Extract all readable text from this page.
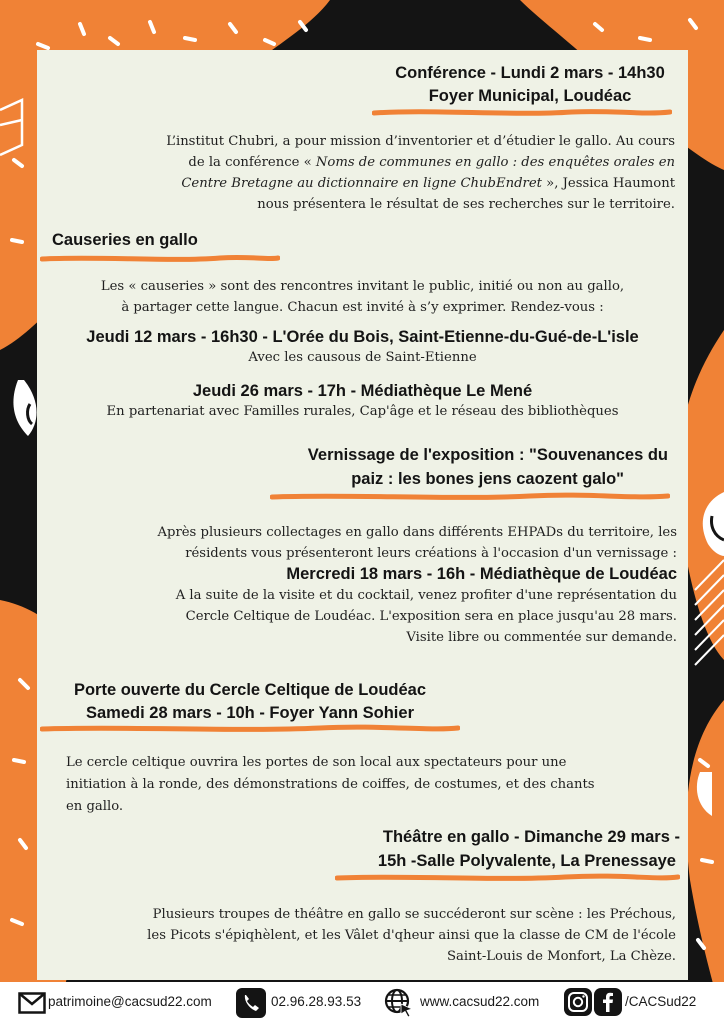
Conférence - Lundi 2 mars - 14h30
Foyer Municipal, Loudéac

L’institut Chubri, a pour mission d’inventorier et d’étudier le gallo. Au cours

de la conférence « Noms de communes en gallo : des enquêtes orales en

Centre Bretagne au dictionnaire en ligne ChubEndret », Jessica Haumont

nous présentera le résultat de ses recherches sur le territoire.

Causeries en gallo

Les « causeries » sont des rencontres invitant le public, initié ou non au gallo,

à partager cette langue. Chacun est invité à s’y exprimer. Rendez-vous :

Jeudi 12 mars - 16h30 - L'Orée du Bois, Saint-Etienne-du-Gué-de-L'isle

Avec les causous de Saint-Etienne

Jeudi 26 mars - 17h - Médiathèque Le Mené

En partenariat avec Familles rurales, Cap'âge et le réseau des bibliothèques

Vernissage de l'exposition : "Souvenances du
paiz : les bones jens caozent galo"

Après plusieurs collectages en gallo dans différents EHPADs du territoire, les

résidents vous présenteront leurs créations à l'occasion d'un vernissage :

Mercredi 18 mars - 16h - Médiathèque de Loudéac

A la suite de la visite et du cocktail, venez profiter d'une représentation du

Cercle Celtique de Loudéac. L'exposition sera en place jusqu'au 28 mars.

Visite libre ou commentée sur demande.

Porte ouverte du Cercle Celtique de Loudéac
Samedi 28 mars - 10h - Foyer Yann Sohier

Le cercle celtique ouvrira les portes de son local aux spectateurs pour une

initiation à la ronde, des démonstrations de coiffes, de costumes, et des chants

en gallo.

Théâtre en gallo - Dimanche 29 mars -
15h -Salle Polyvalente, La Prenessaye

Plusieurs troupes de théâtre en gallo se succéderont sur scène : les Préchous,

les Picots s'épiqhèlent, et les Vâlet d'qheur ainsi que la classe de CM de l'école

Saint-Louis de Monfort, La Chèze.

patrimoine@cacsud22.com	02.96.28.93.53	www.cacsud22.com	/CACSud22
